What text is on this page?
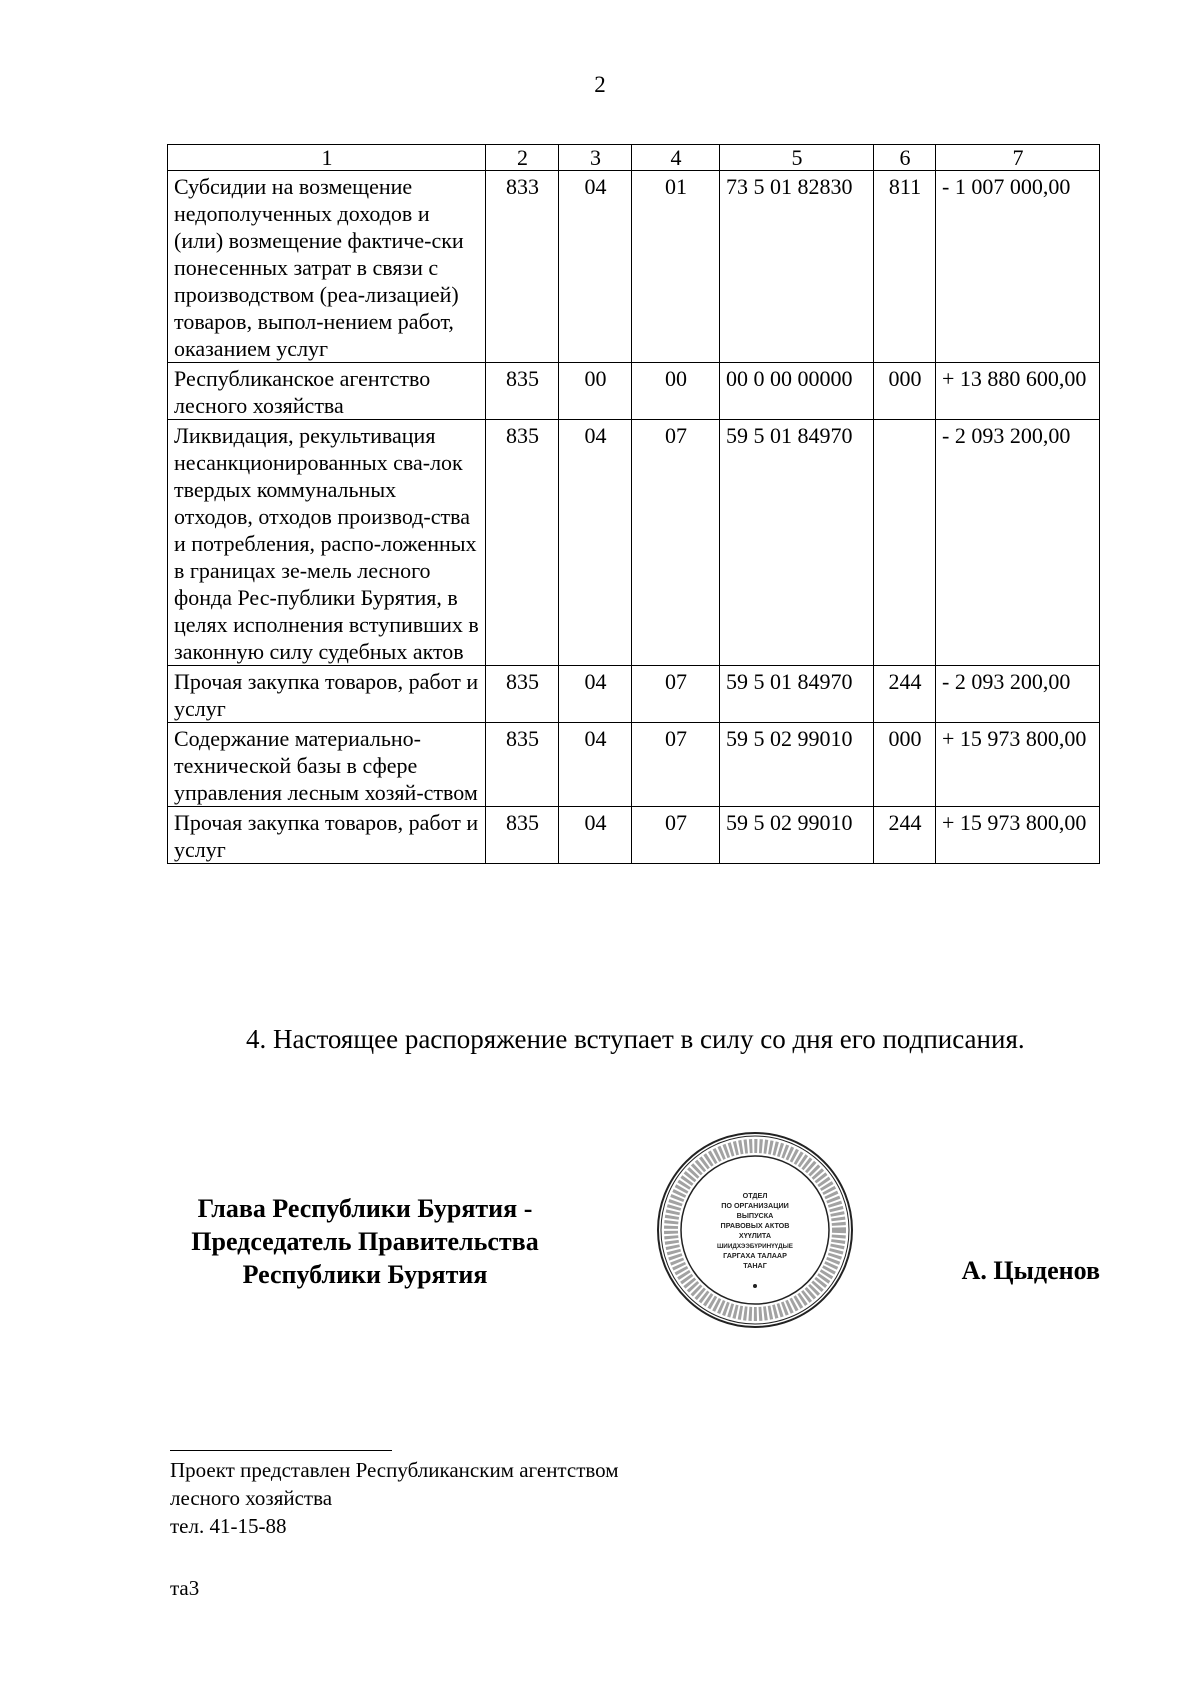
2
1	2	3	4	5	6	7
Субсидии на возмещение недополученных доходов и (или) возмещение фактиче-ски понесенных затрат в связи с производством (реа-лизацией) товаров, выпол-нением работ, оказанием услуг	833	04	01	73 5 01 82830	811	- 1 007 000,00
Республиканское агентство лесного хозяйства	835	00	00	00 0 00 00000	000	+ 13 880 600,00
Ликвидация, рекультивация несанкционированных сва-лок твердых коммунальных отходов, отходов производ-ства и потребления, распо-ложенных в границах зе-мель лесного фонда Рес-публики Бурятия, в целях исполнения вступивших в законную силу судебных актов	835	04	07	59 5 01 84970		- 2 093 200,00
Прочая закупка товаров, работ и услуг	835	04	07	59 5 01 84970	244	- 2 093 200,00
Содержание материально-технической базы в сфере управления лесным хозяй-ством	835	04	07	59 5 02 99010	000	+ 15 973 800,00
Прочая закупка товаров, работ и услуг	835	04	07	59 5 02 99010	244	+ 15 973 800,00
4. Настоящее распоряжение вступает в силу со дня его подписания.
Глава Республики Бурятия -
Председатель Правительства
Республики Бурятия
ОТДЕЛ
ПО ОРГАНИЗАЦИИ
ВЫПУСКА
ПРАВОВЫХ АКТОВ
ХҮҮЛИТА
ШИИДХЭЭБҮРИНҮҮДЫЕ
ГАРГАХА ТАЛААР
ТАНАГ	А. Цыденов
Проект представлен Республиканским агентством
лесного хозяйства
тел. 41-15-88
та3
